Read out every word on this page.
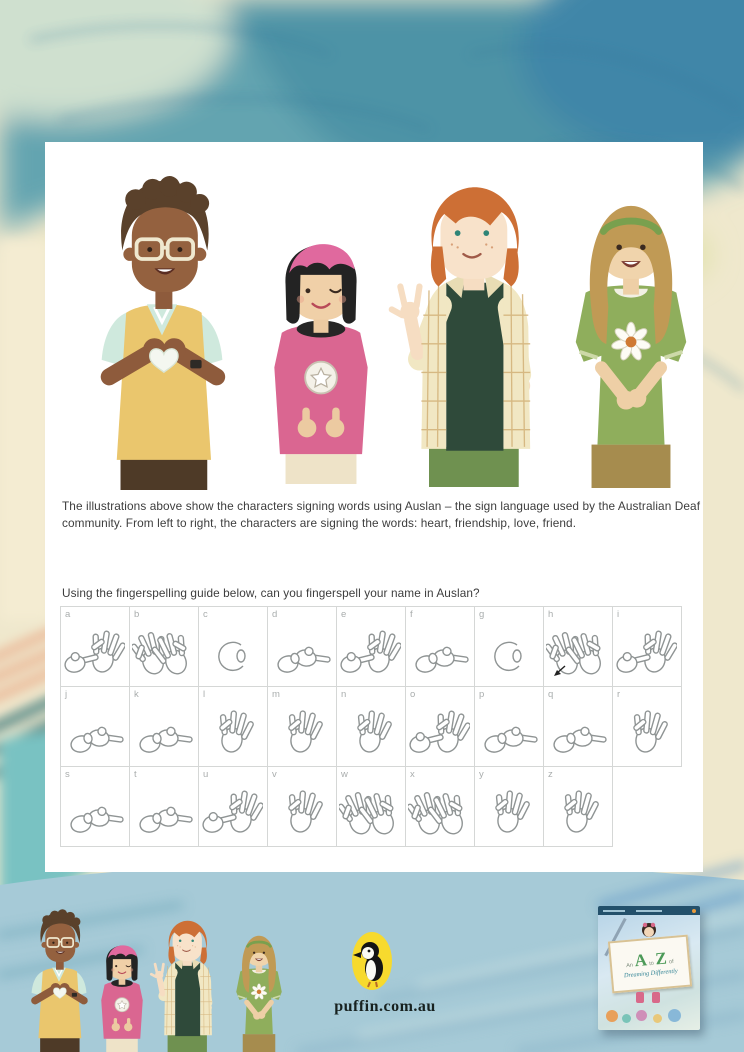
The illustrations above show the characters signing words using Auslan – the sign language used by the Australian Deaf community. From left to right, the characters are signing the words: heart, friendship, love, friend.

Using the fingerspelling guide below, can you fingerspell your name in Auslan?

a	b	c	d	e	f	g	h	i
j	k	l	m	n	o	p	q	r
s	t	u	v	w	x	y	z
puffin.com.au
An A to Z of
Dreaming Differently
